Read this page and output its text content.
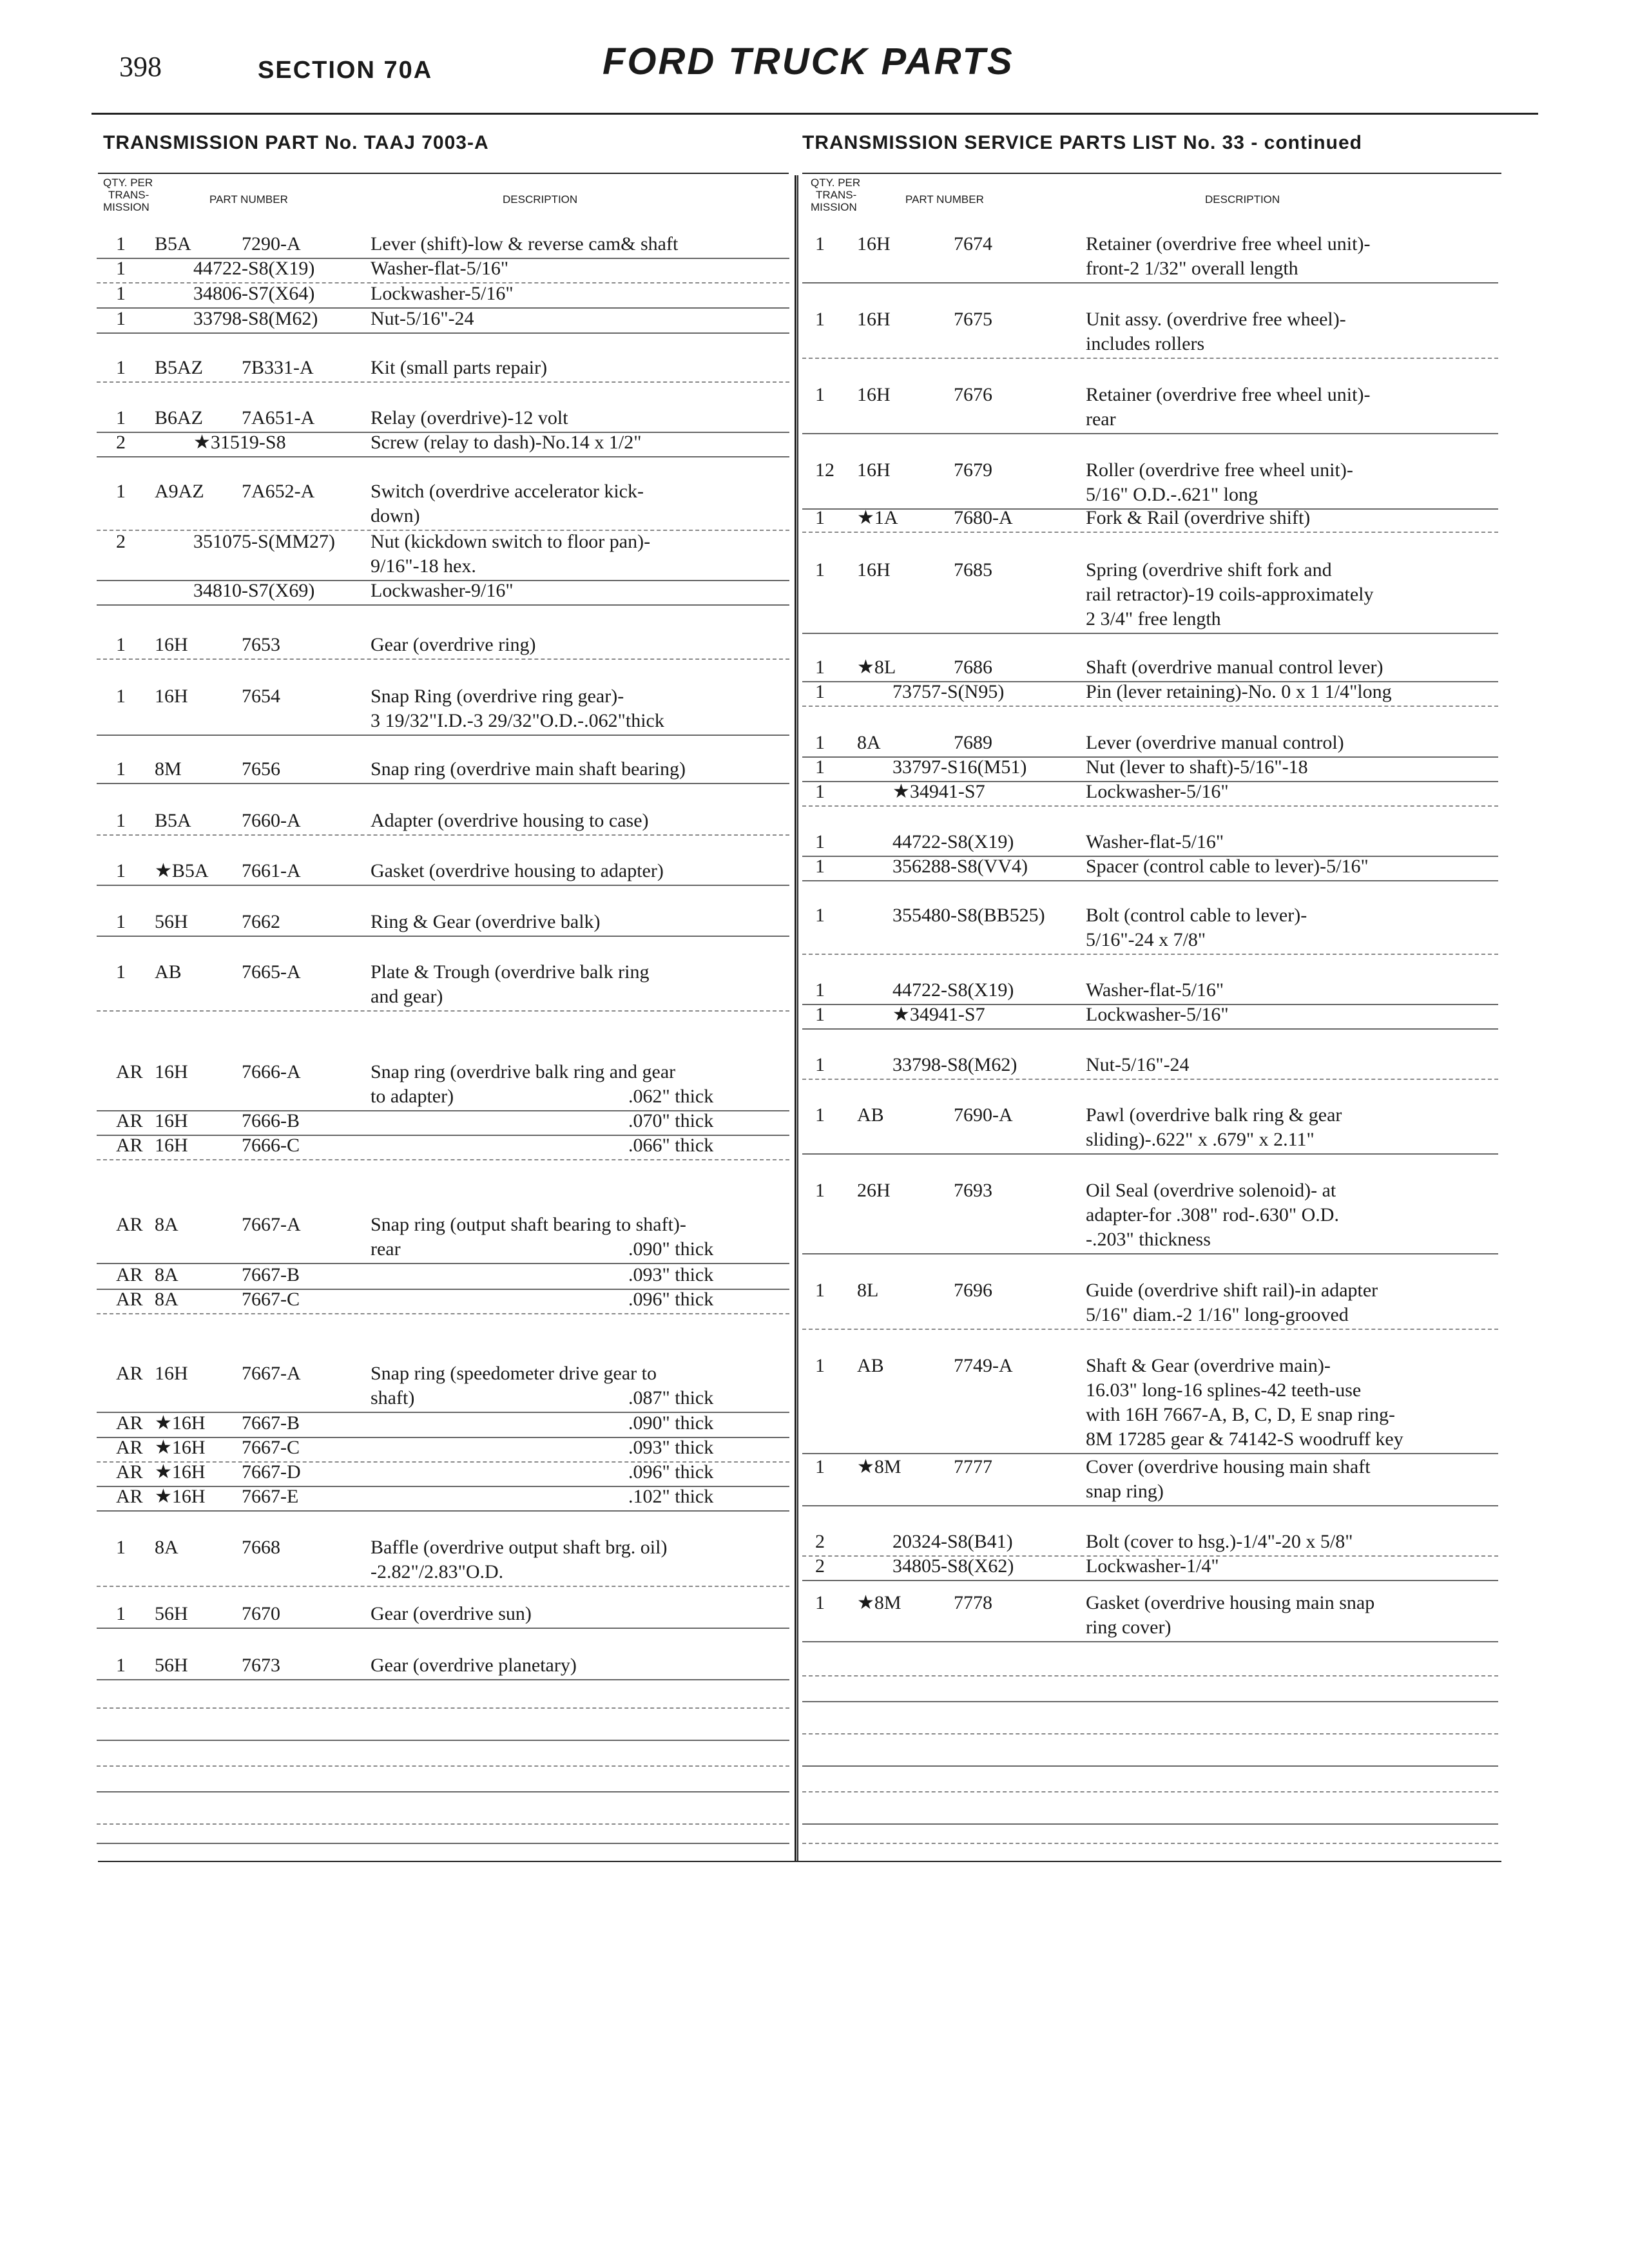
398	SECTION 70A	FORD TRUCK PARTS
TRANSMISSION PART No. TAAJ 7003-A	TRANSMISSION SERVICE PARTS LIST No. 33 - continued
QTY. PER
TRANS-
MISSION
PART NUMBER	DESCRIPTION
QTY. PER
TRANS-
MISSION
PART NUMBER	DESCRIPTION
1 B5A	7290-A	Lever (shift)-low & reverse cam& shaft
1	44722-S8(X19)	Washer-flat-5/16"
1	34806-S7(X64)	Lockwasher-5/16"
1	33798-S8(M62)	Nut-5/16"-24
1 B5AZ 7B331-A	Kit (small parts repair)
1 B6AZ 7A651-A	Relay (overdrive)-12 volt
2	★31519-S8	Screw (relay to dash)-No.14 x 1/2"
1 A9AZ 7A652-A	Switch (overdrive accelerator kick-
down)
2	351075-S(MM27) Nut (kickdown switch to floor pan)-
9/16"-18 hex.
34810-S7(X69)	Lockwasher-9/16"
1 16H	7653	Gear (overdrive ring)
1 16H	7654	Snap Ring (overdrive ring gear)-
3 19/32"I.D.-3 29/32"O.D.-.062"thick
1 8M	7656	Snap ring (overdrive main shaft bearing)
1 B5A	7660-A	Adapter (overdrive housing to case)
1 ★B5A 7661-A	Gasket (overdrive housing to adapter)
1 56H	7662	Ring & Gear (overdrive balk)
1 AB	7665-A	Plate & Trough (overdrive balk ring
and gear)
AR 16H	7666-A	Snap ring (overdrive balk ring and gear
to adapter)	.062" thick
AR 16H	7666-B	.070" thick
AR 16H	7666-C	.066" thick
AR 8A	7667-A	Snap ring (output shaft bearing to shaft)-
rear	.090" thick
AR 8A	7667-B	.093" thick
AR 8A	7667-C	.096" thick
AR 16H	7667-A	Snap ring (speedometer drive gear to
shaft)	.087" thick
AR ★16H 7667-B	.090" thick
AR ★16H 7667-C	.093" thick
AR ★16H 7667-D	.096" thick
AR ★16H 7667-E	.102" thick
1 8A	7668	Baffle (overdrive output shaft brg. oil)
-2.82"/2.83"O.D.
1 56H	7670	Gear (overdrive sun)
1 56H	7673	Gear (overdrive planetary)
1 16H	7674	Retainer (overdrive free wheel unit)-
front-2 1/32" overall length
1 16H	7675	Unit assy. (overdrive free wheel)-
includes rollers
1 16H	7676	Retainer (overdrive free wheel unit)-
rear
12 16H	7679	Roller (overdrive free wheel unit)-
5/16" O.D.-.621" long
1 ★1A	7680-A	Fork & Rail (overdrive shift)
1 16H	7685	Spring (overdrive shift fork and
rail retractor)-19 coils-approximately
2 3/4" free length
1 ★8L	7686	Shaft (overdrive manual control lever)
1	73757-S(N95)	Pin (lever retaining)-No. 0 x 1 1/4"long
1 8A	7689	Lever (overdrive manual control)
1	33797-S16(M51)	Nut (lever to shaft)-5/16"-18
1	★34941-S7	Lockwasher-5/16"
1	44722-S8(X19)	Washer-flat-5/16"
1	356288-S8(VV4)	Spacer (control cable to lever)-5/16"
1	355480-S8(BB525) Bolt (control cable to lever)-
5/16"-24 x 7/8"
1	44722-S8(X19)	Washer-flat-5/16"
1	★34941-S7	Lockwasher-5/16"
1	33798-S8(M62)	Nut-5/16"-24
1 AB	7690-A	Pawl (overdrive balk ring & gear
sliding)-.622" x .679" x 2.11"
1 26H	7693	Oil Seal (overdrive solenoid)- at
adapter-for .308" rod-.630" O.D.
-.203" thickness
1 8L	7696	Guide (overdrive shift rail)-in adapter
5/16" diam.-2 1/16" long-grooved
1 AB	7749-A	Shaft & Gear (overdrive main)-
16.03" long-16 splines-42 teeth-use
with 16H 7667-A, B, C, D, E snap ring-
8M 17285 gear & 74142-S woodruff key
1 ★8M	7777	Cover (overdrive housing main shaft
snap ring)
2	20324-S8(B41)	Bolt (cover to hsg.)-1/4"-20 x 5/8"
2	34805-S8(X62)	Lockwasher-1/4"
1 ★8M	7778	Gasket (overdrive housing main snap
ring cover)
